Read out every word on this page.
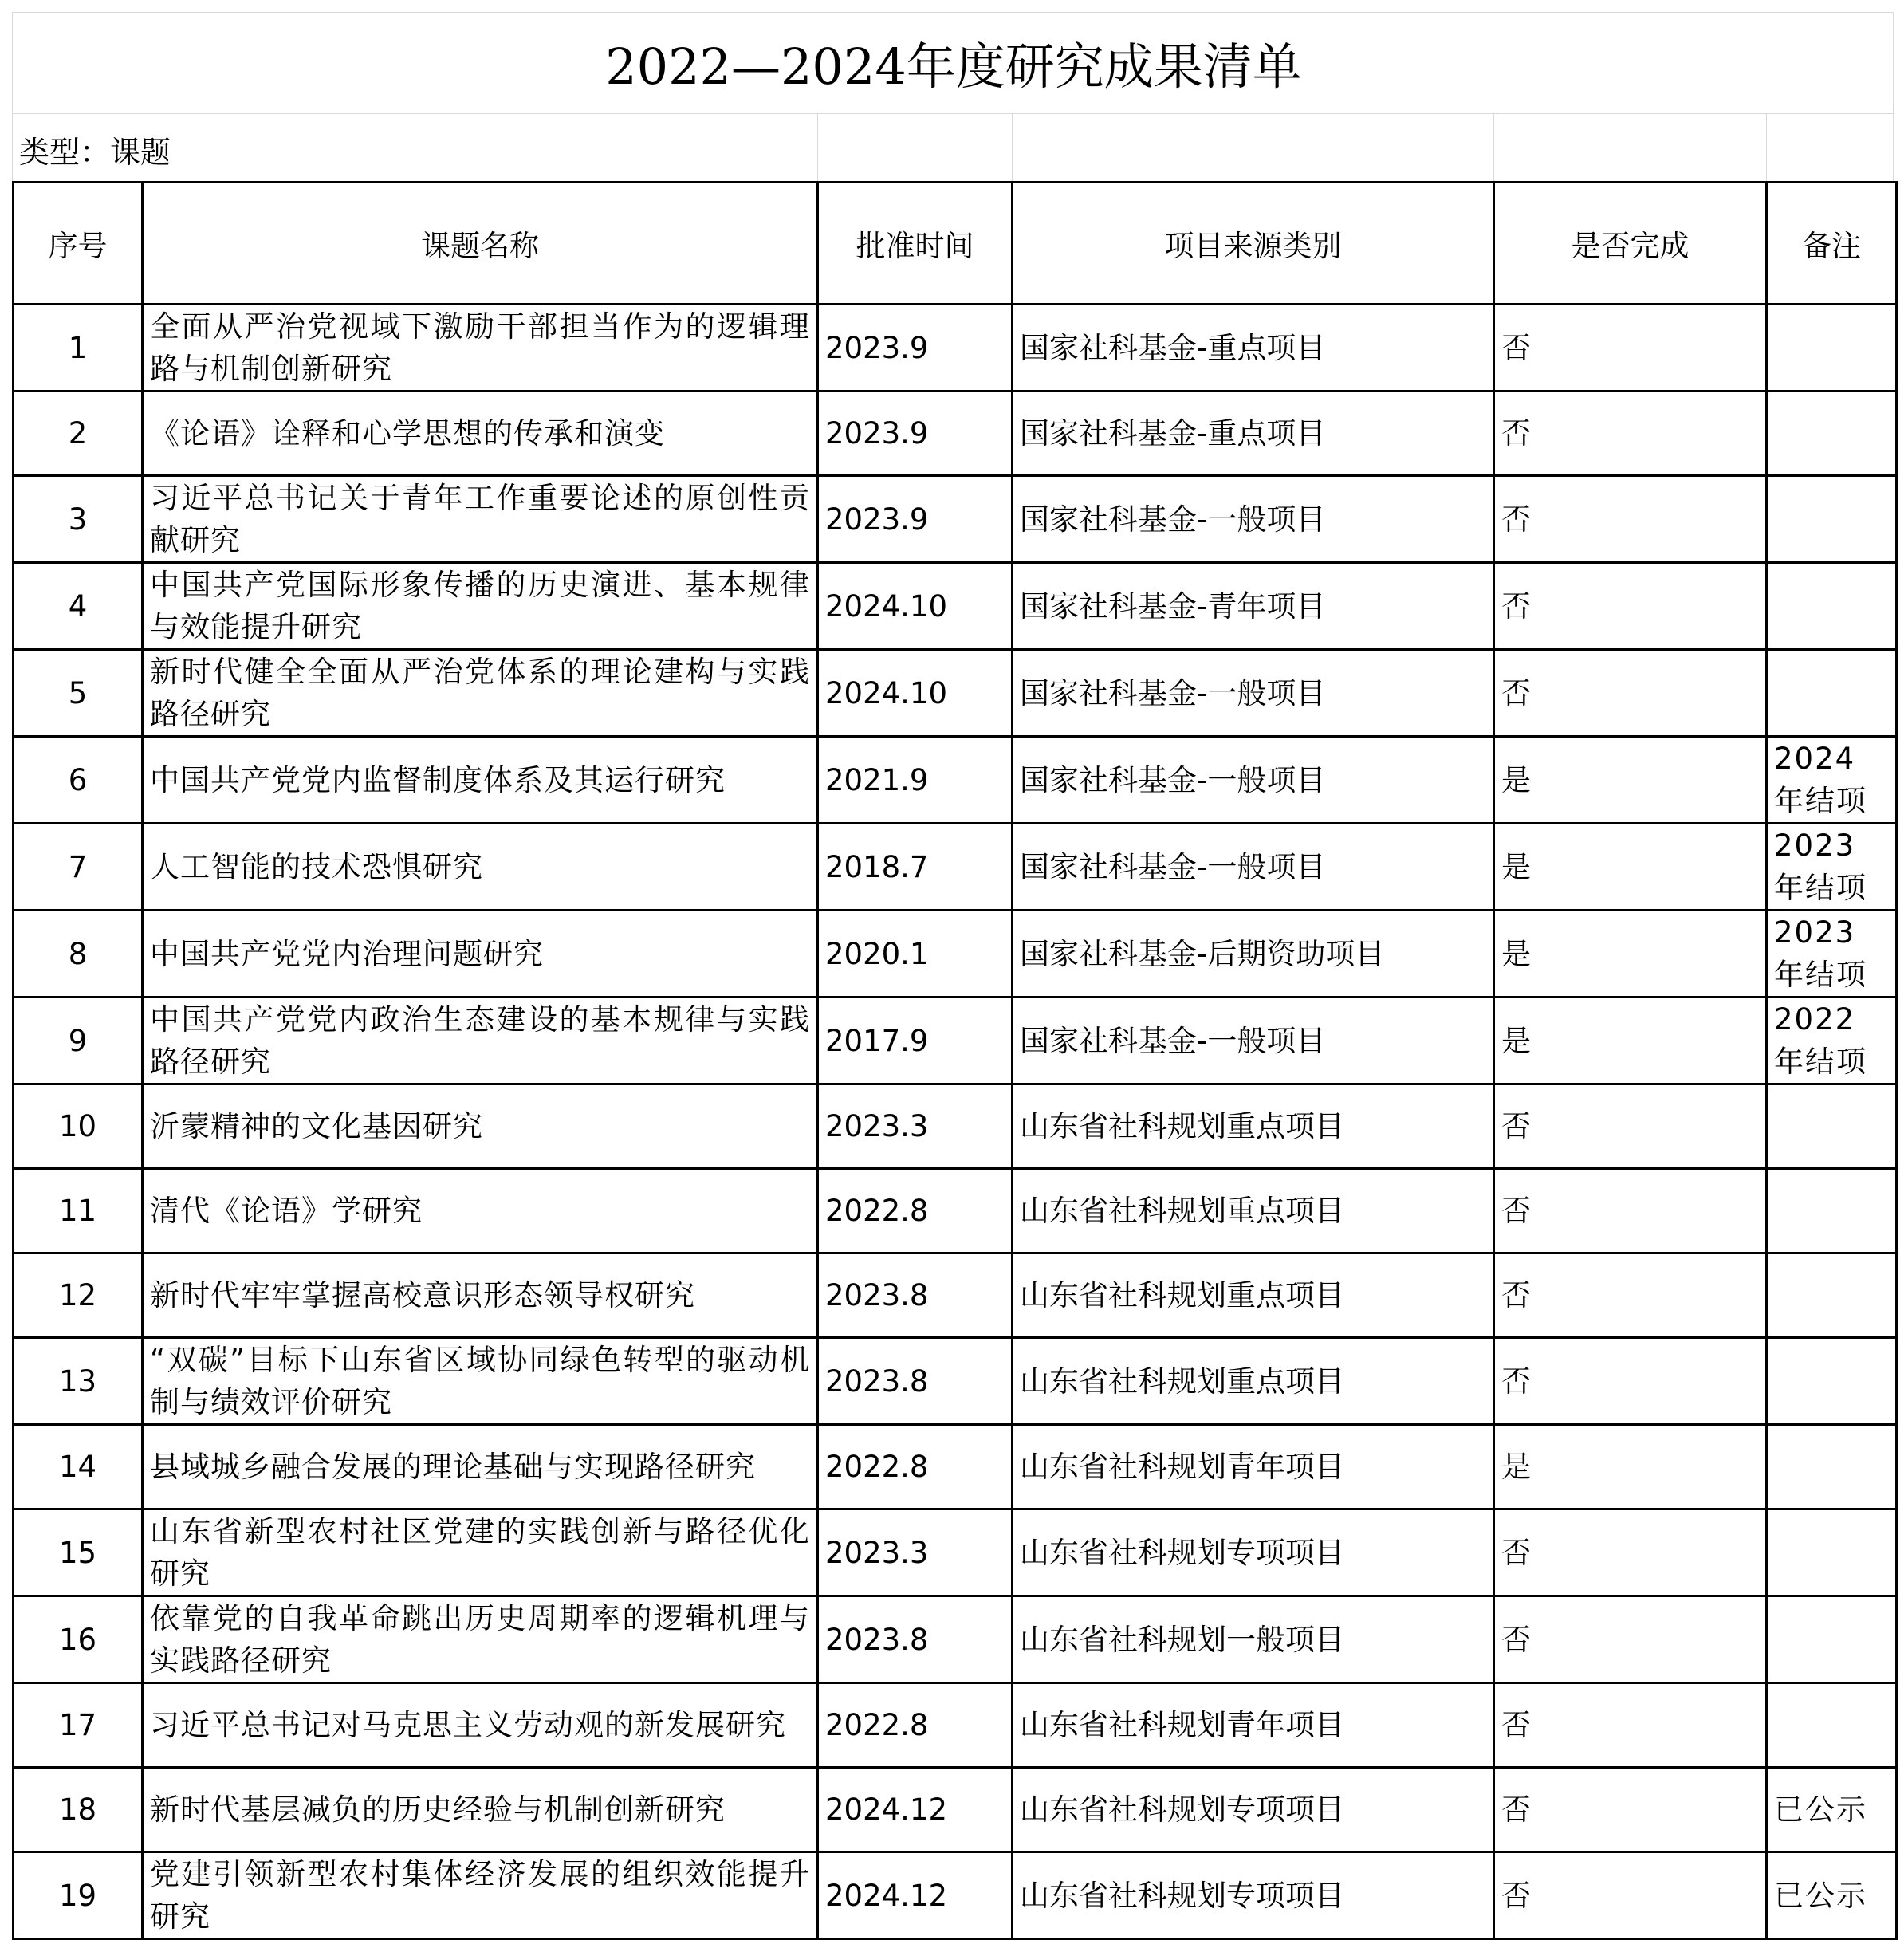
2022—2024年度研究成果清单
类型：课题
序号	课题名称	批准时间	项目来源类别	是否完成	备注
1	全面从严治党视域下激励干部担当作为的逻辑理路与机制创新研究	2023.9	国家社科基金-重点项目	否	
2	《论语》诠释和心学思想的传承和演变	2023.9	国家社科基金-重点项目	否	
3	习近平总书记关于青年工作重要论述的原创性贡献研究	2023.9	国家社科基金-一般项目	否	
4	中国共产党国际形象传播的历史演进、基本规律与效能提升研究	2024.10	国家社科基金-青年项目	否	
5	新时代健全全面从严治党体系的理论建构与实践路径研究	2024.10	国家社科基金-一般项目	否	
6	中国共产党党内监督制度体系及其运行研究	2021.9	国家社科基金-一般项目	是	2024 年结项
7	人工智能的技术恐惧研究	2018.7	国家社科基金-一般项目	是	2023 年结项
8	中国共产党党内治理问题研究	2020.1	国家社科基金-后期资助项目	是	2023 年结项
9	中国共产党党内政治生态建设的基本规律与实践路径研究	2017.9	国家社科基金-一般项目	是	2022 年结项
10	沂蒙精神的文化基因研究	2023.3	山东省社科规划重点项目	否	
11	清代《论语》学研究	2022.8	山东省社科规划重点项目	否	
12	新时代牢牢掌握高校意识形态领导权研究	2023.8	山东省社科规划重点项目	否	
13	“双碳”目标下山东省区域协同绿色转型的驱动机制与绩效评价研究	2023.8	山东省社科规划重点项目	否	
14	县域城乡融合发展的理论基础与实现路径研究	2022.8	山东省社科规划青年项目	是	
15	山东省新型农村社区党建的实践创新与路径优化研究	2023.3	山东省社科规划专项项目	否	
16	依靠党的自我革命跳出历史周期率的逻辑机理与实践路径研究	2023.8	山东省社科规划一般项目	否	
17	习近平总书记对马克思主义劳动观的新发展研究	2022.8	山东省社科规划青年项目	否	
18	新时代基层减负的历史经验与机制创新研究	2024.12	山东省社科规划专项项目	否	已公示
19	党建引领新型农村集体经济发展的组织效能提升研究	2024.12	山东省社科规划专项项目	否	已公示
